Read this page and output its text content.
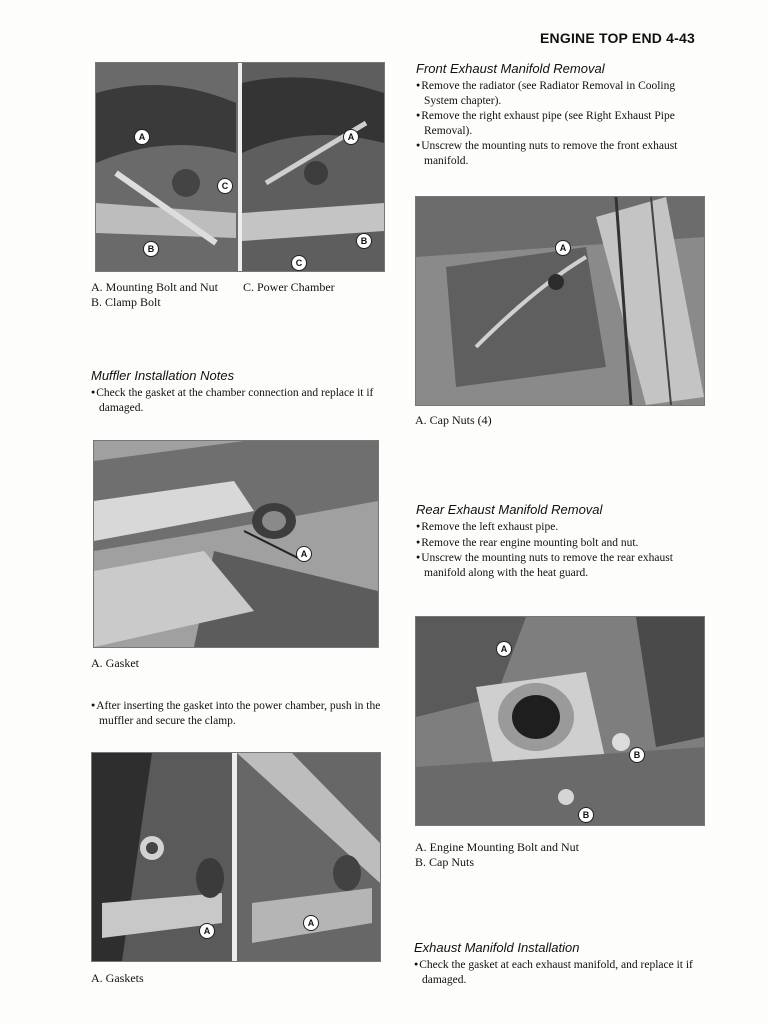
ENGINE TOP END 4-43
A	A
C
B
C
B
A. Mounting Bolt and Nut
B. Clamp Bolt
C. Power Chamber
Muffler Installation Notes
● Check the gasket at the chamber connection and replace it if damaged.
A
A. Gasket
● After inserting the gasket into the power chamber, push in the muffler and secure the clamp.
A
A
A. Gaskets
Front Exhaust Manifold Removal
● Remove the radiator (see Radiator Removal in Cooling System chapter).
● Remove the right exhaust pipe (see Right Exhaust Pipe Removal).
● Unscrew the mounting nuts to remove the front exhaust manifold.
A
A. Cap Nuts (4)
Rear Exhaust Manifold Removal
● Remove the left exhaust pipe.
● Remove the rear engine mounting bolt and nut.
● Unscrew the mounting nuts to remove the rear exhaust manifold along with the heat guard.
A
B
B
A. Engine Mounting Bolt and Nut
B. Cap Nuts
Exhaust Manifold Installation
● Check the gasket at each exhaust manifold, and replace it if damaged.
